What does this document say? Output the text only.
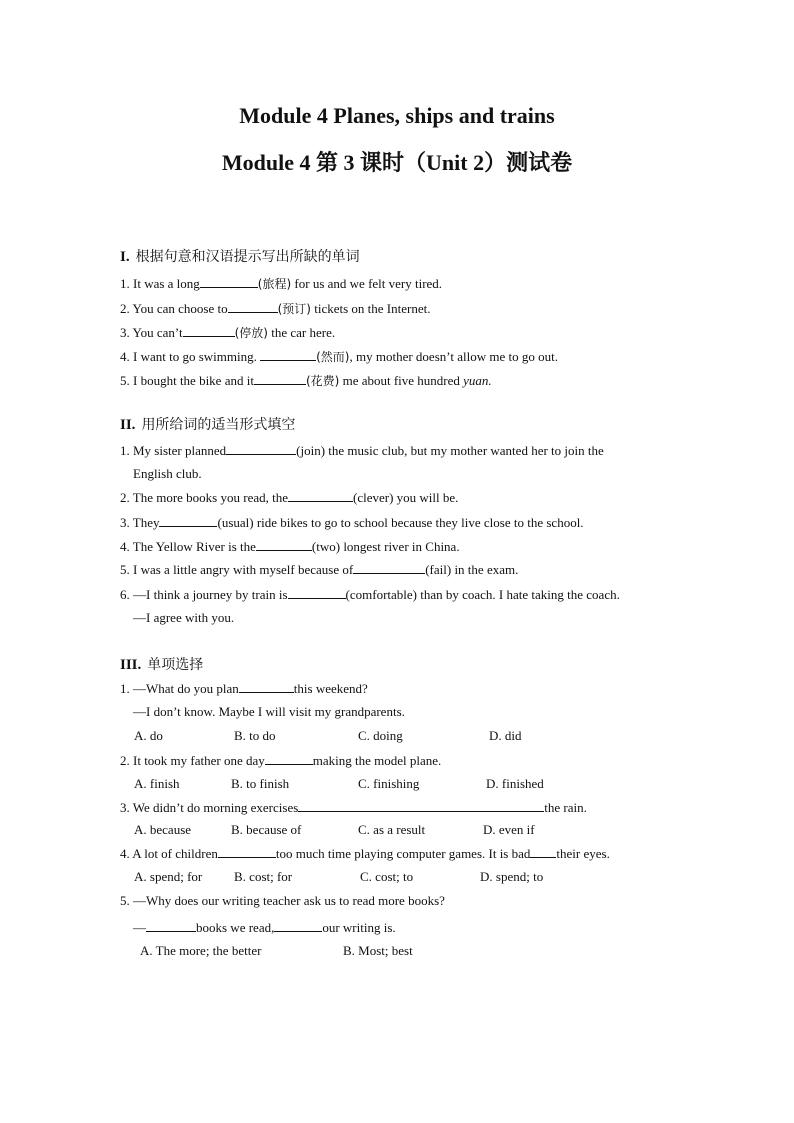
Module 4 Planes, ships and trains
Module 4 第 3 课时（Unit 2）测试卷
I. 根据句意和汉语提示写出所缺的单词
1. It was a long	(旅程) for us and we felt very tired.
2. You can choose to	(预订) tickets on the Internet.
3. You can’t	(停放) the car here.
4. I want to go swimming.	(然而), my mother doesn’t allow me to go out.
5. I bought the bike and it	(花费) me about five hundred yuan.
II. 用所给词的适当形式填空
1. My sister planned	(join) the music club, but my mother wanted her to join the
English club.
2. The more books you read, the	(clever) you will be.
3. They	(usual) ride bikes to go to school because they live close to the school.
4. The Yellow River is the	(two) longest river in China.
5. I was a little angry with myself because of	(fail) in the exam.
6. —I think a journey by train is	(comfortable) than by coach. I hate taking the coach.
—I agree with you.
III. 单项选择
1. —What do you plan	this weekend?
—I don’t know. Maybe I will visit my grandparents.
A. do	B. to do	C. doing	D. did
2. It took my father one day	making the model plane.
A. finish	B. to finish	C. finishing	D. finished
3. We didn’t do morning exercises	the rain.
A. because	B. because of	C. as a result	D. even if
4. A lot of children	too much time playing computer games. It is bad their eyes.
A. spend; for B. cost; for	C. cost; to	D. spend; to
5. —Why does our writing teacher ask us to read more books?
—	books we read,	our writing is.
A. The more; the better	B. Most; best
